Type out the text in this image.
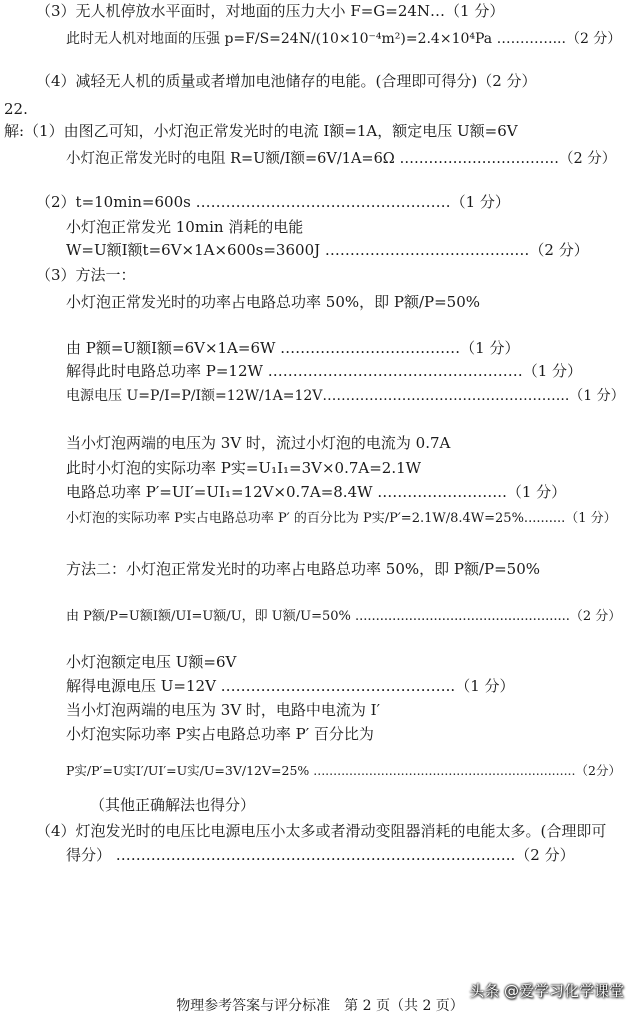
（3）无人机停放水平面时，对地面的压力大小 F=G=24N…（1 分）
此时无人机对地面的压强 p=F/S=24N/(10×10⁻⁴m²)=2.4×10⁴Pa …………...（2 分）
（4）减轻无人机的质量或者增加电池储存的电能。(合理即可得分)（2 分）
22.
解:（1）由图乙可知，小灯泡正常发光时的电流 I额=1A，额定电压 U额=6V
小灯泡正常发光时的电阻 R=U额/I额=6V/1A=6Ω ……………………………（2 分）
（2）t=10min=600s ……………………………………………（1 分）
小灯泡正常发光 10min 消耗的电能
W=U额I额t=6V×1A×600s=3600J ………………………………..…（2 分）
（3）方法一：
小灯泡正常发光时的功率占电路总功率 50%，即 P额/P=50%
由 P额=U额I额=6V×1A=6W ………………………………（1 分）
解得此时电路总功率 P=12W ……………………………………………（1 分）
电源电压 U=P/I=P/I额=12W/1A=12V……………………………………………..（1 分）
当小灯泡两端的电压为 3V 时，流过小灯泡的电流为 0.7A
此时小灯泡的实际功率 P实=U₁I₁=3V×0.7A=2.1W
电路总功率 P′=UI′=UI₁=12V×0.7A=8.4W ……………………..（1 分）
小灯泡的实际功率 P实占电路总功率 P′ 的百分比为 P实/P′=2.1W/8.4W=25%..........（1 分）
方法二：小灯泡正常发光时的功率占电路总功率 50%，即 P额/P=50%
由 P额/P=U额I额/UI=U额/U，即 U额/U=50% ....................................................（2 分）
小灯泡额定电压 U额=6V
解得电源电压 U=12V ………………………………………..（1 分）
当小灯泡两端的电压为 3V 时，电路中电流为 I′
小灯泡实际功率 P实占电路总功率 P′ 百分比为
P实/P′=U实I′/UI′=U实/U=3V/12V=25% ..................................................................（2分）
（其他正确解法也得分）
（4）灯泡发光时的电压比电源电压小太多或者滑动变阻器消耗的电能太多。(合理即可
得分） ……………………………………………………………………..（2 分）
头条 @爱学习化学课堂
物理参考答案与评分标准　第 2 页（共 2 页）
